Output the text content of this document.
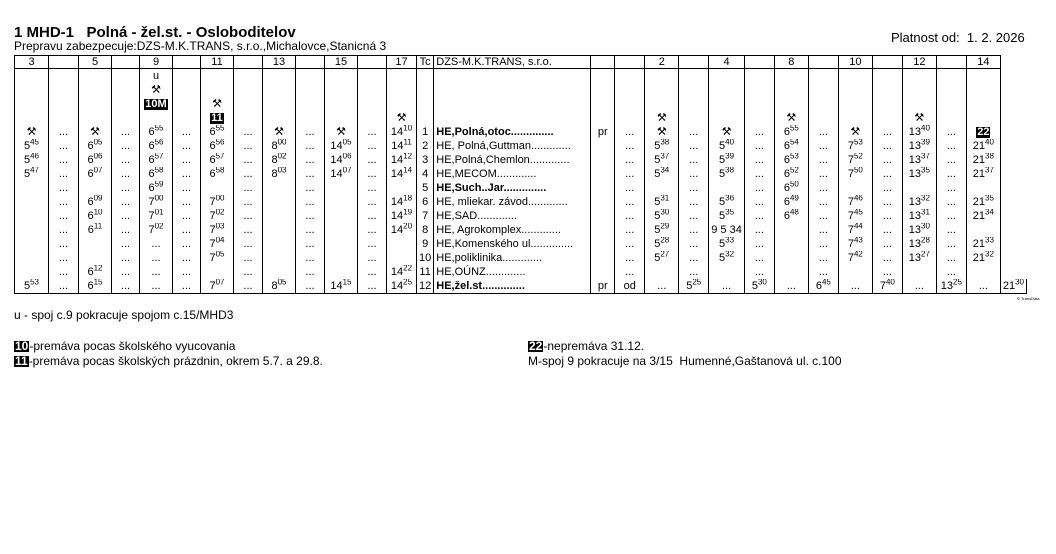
1 MHD-1   Polná - žel.st. - Osloboditelov
Prepravu zabezpecuje:DZS-M.K.TRANS, s.r.o.,Michalovce,Stanicná 3
Platnost od: 1. 2. 2026
3		5		9		11		13		15		17	Tc	DZS-M.K.TRANS, s.r.o.			2		4		8		10		12		14	
				u																								
				⚒																								
				10M		⚒																						
						11						⚒					⚒				⚒				⚒			
⚒	...	⚒	...	$6^{55}$	...	$6^{55}$	...	⚒	...	⚒	...	$14^{10}$	1	HE,Polná,otoc..............	pr	...	⚒	...	⚒	...	$6^{55}$	...	⚒	...	$13^{40}$	...	22	
$5^{45}$	...	$6^{05}$	...	$6^{56}$	...	$6^{56}$	...	$8^{00}$	...	$14^{05}$	...	$14^{11}$	2	HE, Polná,Guttman.............		...	$5^{38}$	...	$5^{40}$	...	$6^{54}$	...	$7^{53}$	...	$13^{39}$	...	$21^{40}$
$5^{46}$	...	$6^{06}$	...	$6^{57}$	...	$6^{57}$	...	$8^{02}$	...	$14^{06}$	...	$14^{12}$	3	HE,Polná,Chemlon.............		...	$5^{37}$	...	$5^{39}$	...	$6^{53}$	...	$7^{52}$	...	$13^{37}$	...	$21^{38}$
$5^{47}$	...	$6^{07}$	...	$6^{58}$	...	$6^{58}$	...	$8^{03}$	...	$14^{07}$	...	$14^{14}$	4	HE,MECOM.............		...	$5^{34}$	...	$5^{38}$	...	$6^{52}$	...	$7^{50}$	...	$13^{35}$	...	$21^{37}$
	...		...	$6^{59}$	...		...		...		...		5	HE,Such..Jar..............		...		...		...	$6^{50}$	...		...		...		
	...	$6^{09}$	...	$7^{00}$	...	$7^{00}$	...		...		...	$14^{18}$	6	HE, mliekar. závod.............		...	$5^{31}$	...	$5^{36}$	...	$6^{49}$	...	$7^{46}$	...	$13^{32}$	...	$21^{35}$
	...	$6^{10}$	...	$7^{01}$	...	$7^{02}$	...		...		...	$14^{19}$	7	HE,SAD.............		...	$5^{30}$	...	$5^{35}$	...	$6^{48}$	...	$7^{45}$	...	$13^{31}$	...	$21^{34}$
	...	$6^{11}$	...	$7^{02}$	...	$7^{03}$	...		...		...	$14^{20}$	8	HE, Agrokomplex.............		...	$5^{29}$	...	9 5 34	...		...	$7^{44}$	...	$13^{30}$	...		
	...		...	...	...	$7^{04}$	...		...		...		9	HE,Komenského ul..............		...	$5^{28}$	...	$5^{33}$	...		...	$7^{43}$	...	$13^{28}$	...	$21^{33}$
	...		...	...	...	$7^{05}$	...		...		...		10	HE,poliklinika.............		...	$5^{27}$	...	$5^{32}$	...		...	$7^{42}$	...	$13^{27}$	...	$21^{32}$
	...	$6^{12}$	...	...	...		...		...		...	$14^{22}$	11	HE,OÚNZ.............		...		...		...		...		...		...		
$5^{53}$	...	$6^{15}$	...	...	...	$7^{07}$	...	$8^{05}$	...	$14^{15}$	...	$14^{25}$	12	HE,žel.st..............	pr	od	...	$5^{25}$	...	$5^{30}$	...	$6^{45}$	...	$7^{40}$	...	$13^{25}$	...	$21^{30}$
© TransData
u - spoj c.9 pokracuje spojom c.15/MHD3
10-premáva pocas školského vyucovania
11-premáva pocas školských prázdnin, okrem 5.7. a 29.8.
22-nepremáva 31.12.
M-spoj 9 pokracuje na 3/15  Humenné,Gaštanová ul. c.100
